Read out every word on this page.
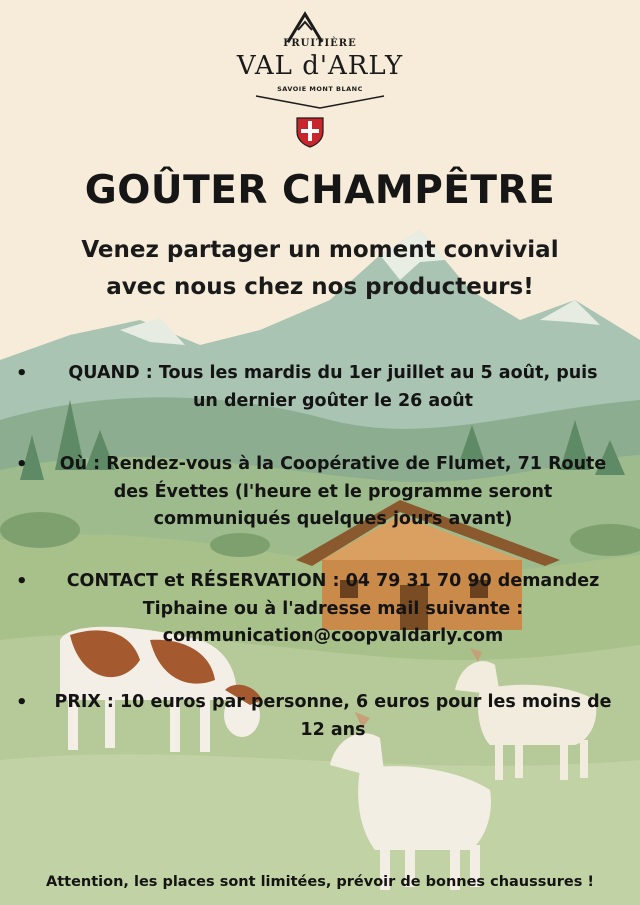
FRUITIÈRE
VAL d'ARLY
SAVOIE MONT BLANC
GOÛTER CHAMPÊTRE
Venez partager un moment convivial
avec nous chez nos producteurs!
•	QUAND : Tous les mardis du 1er juillet au 5 août, puis
un dernier goûter le 26 août
•	Où : Rendez-vous à la Coopérative de Flumet, 71 Route
des Évettes (l'heure et le programme seront
communiqués quelques jours avant)
•	CONTACT et RÉSERVATION : 04 79 31 70 90 demandez
Tiphaine ou à l'adresse mail suivante :
communication@coopvaldarly.com
•	PRIX : 10 euros par personne, 6 euros pour les moins de
12 ans
Attention, les places sont limitées, prévoir de bonnes chaussures !
